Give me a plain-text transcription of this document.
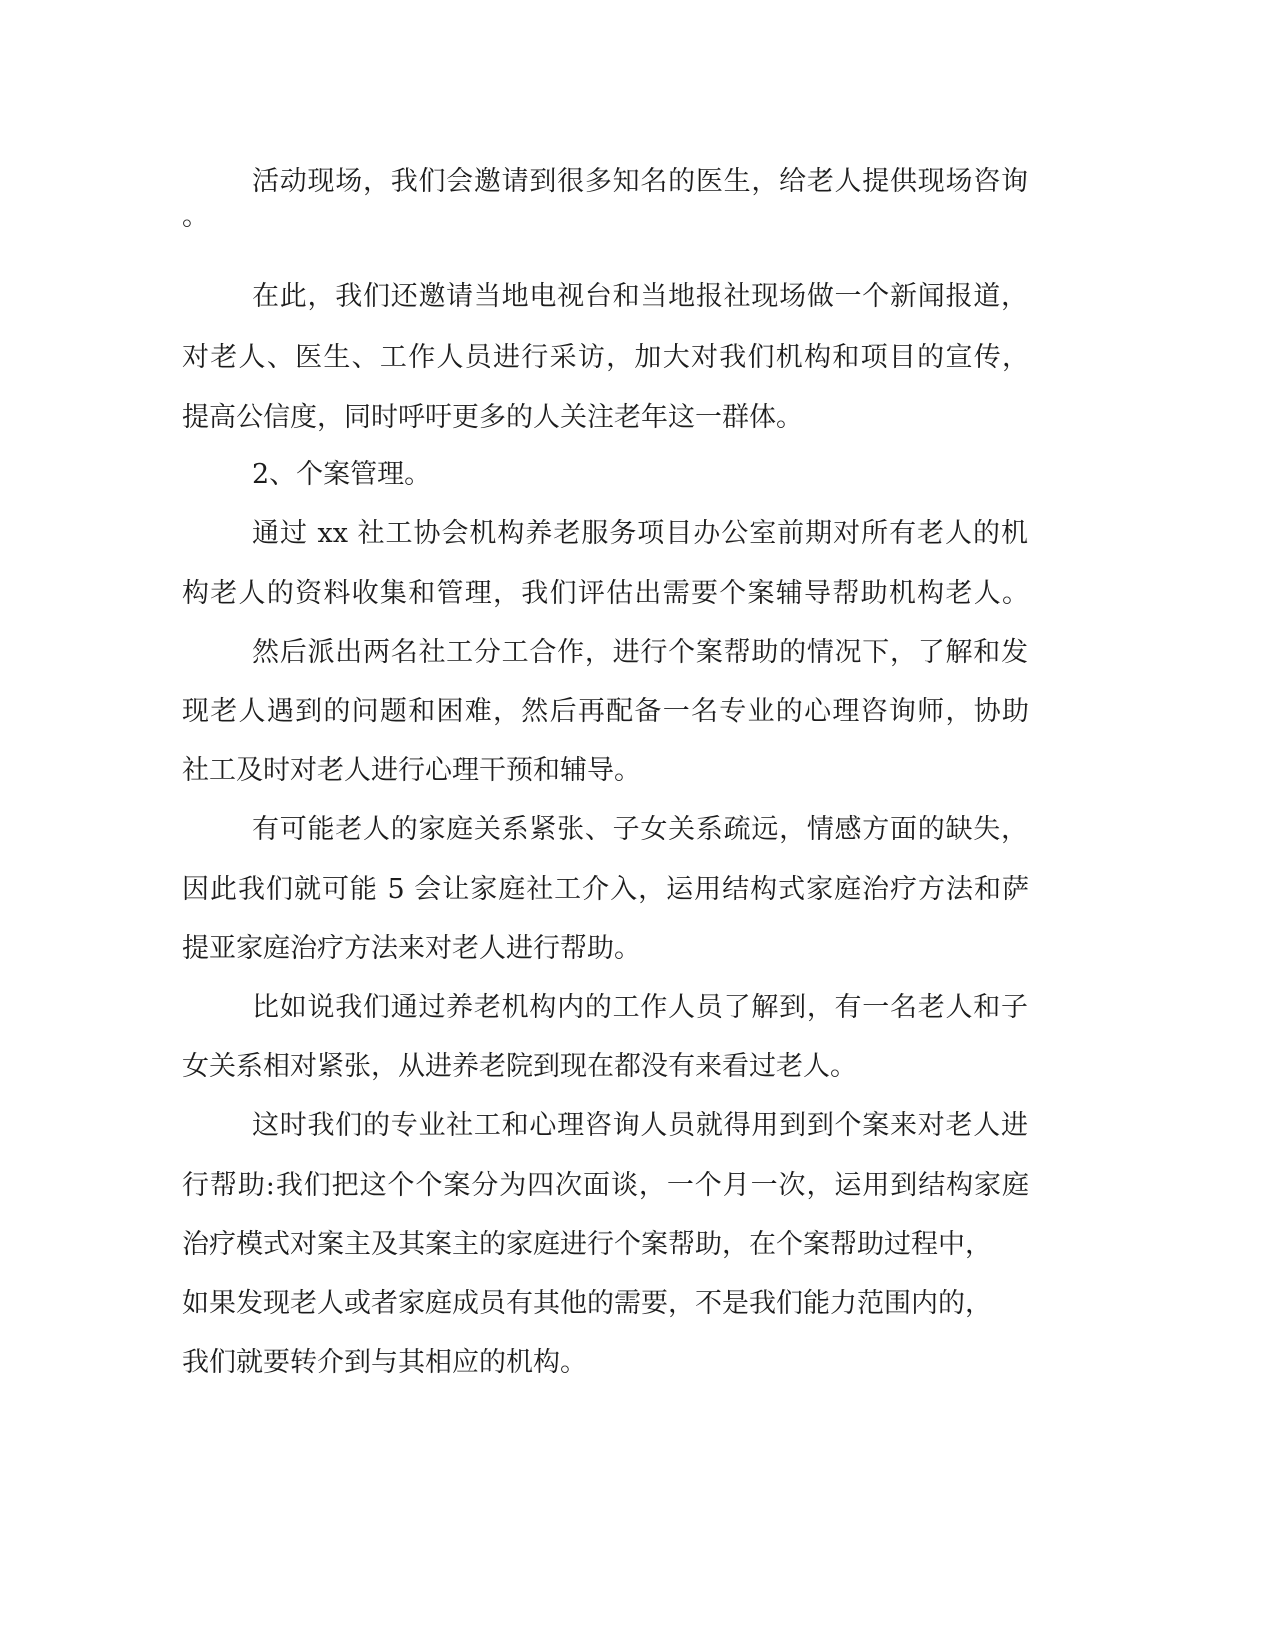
活动现场，我们会邀请到很多知名的医生，给老人提供现场咨询
。
在此，我们还邀请当地电视台和当地报社现场做一个新闻报道，
对老人、医生、工作人员进行采访，加大对我们机构和项目的宣传，
提高公信度，同时呼吁更多的人关注老年这一群体。
2、个案管理。
通过 xx 社工协会机构养老服务项目办公室前期对所有老人的机
构老人的资料收集和管理，我们评估出需要个案辅导帮助机构老人。
然后派出两名社工分工合作，进行个案帮助的情况下，了解和发
现老人遇到的问题和困难，然后再配备一名专业的心理咨询师，协助
社工及时对老人进行心理干预和辅导。
有可能老人的家庭关系紧张、子女关系疏远，情感方面的缺失，
因此我们就可能 5 会让家庭社工介入，运用结构式家庭治疗方法和萨
提亚家庭治疗方法来对老人进行帮助。
比如说我们通过养老机构内的工作人员了解到，有一名老人和子
女关系相对紧张，从进养老院到现在都没有来看过老人。
这时我们的专业社工和心理咨询人员就得用到到个案来对老人进
行帮助:我们把这个个案分为四次面谈，一个月一次，运用到结构家庭
治疗模式对案主及其案主的家庭进行个案帮助，在个案帮助过程中，
如果发现老人或者家庭成员有其他的需要，不是我们能力范围内的，
我们就要转介到与其相应的机构。
